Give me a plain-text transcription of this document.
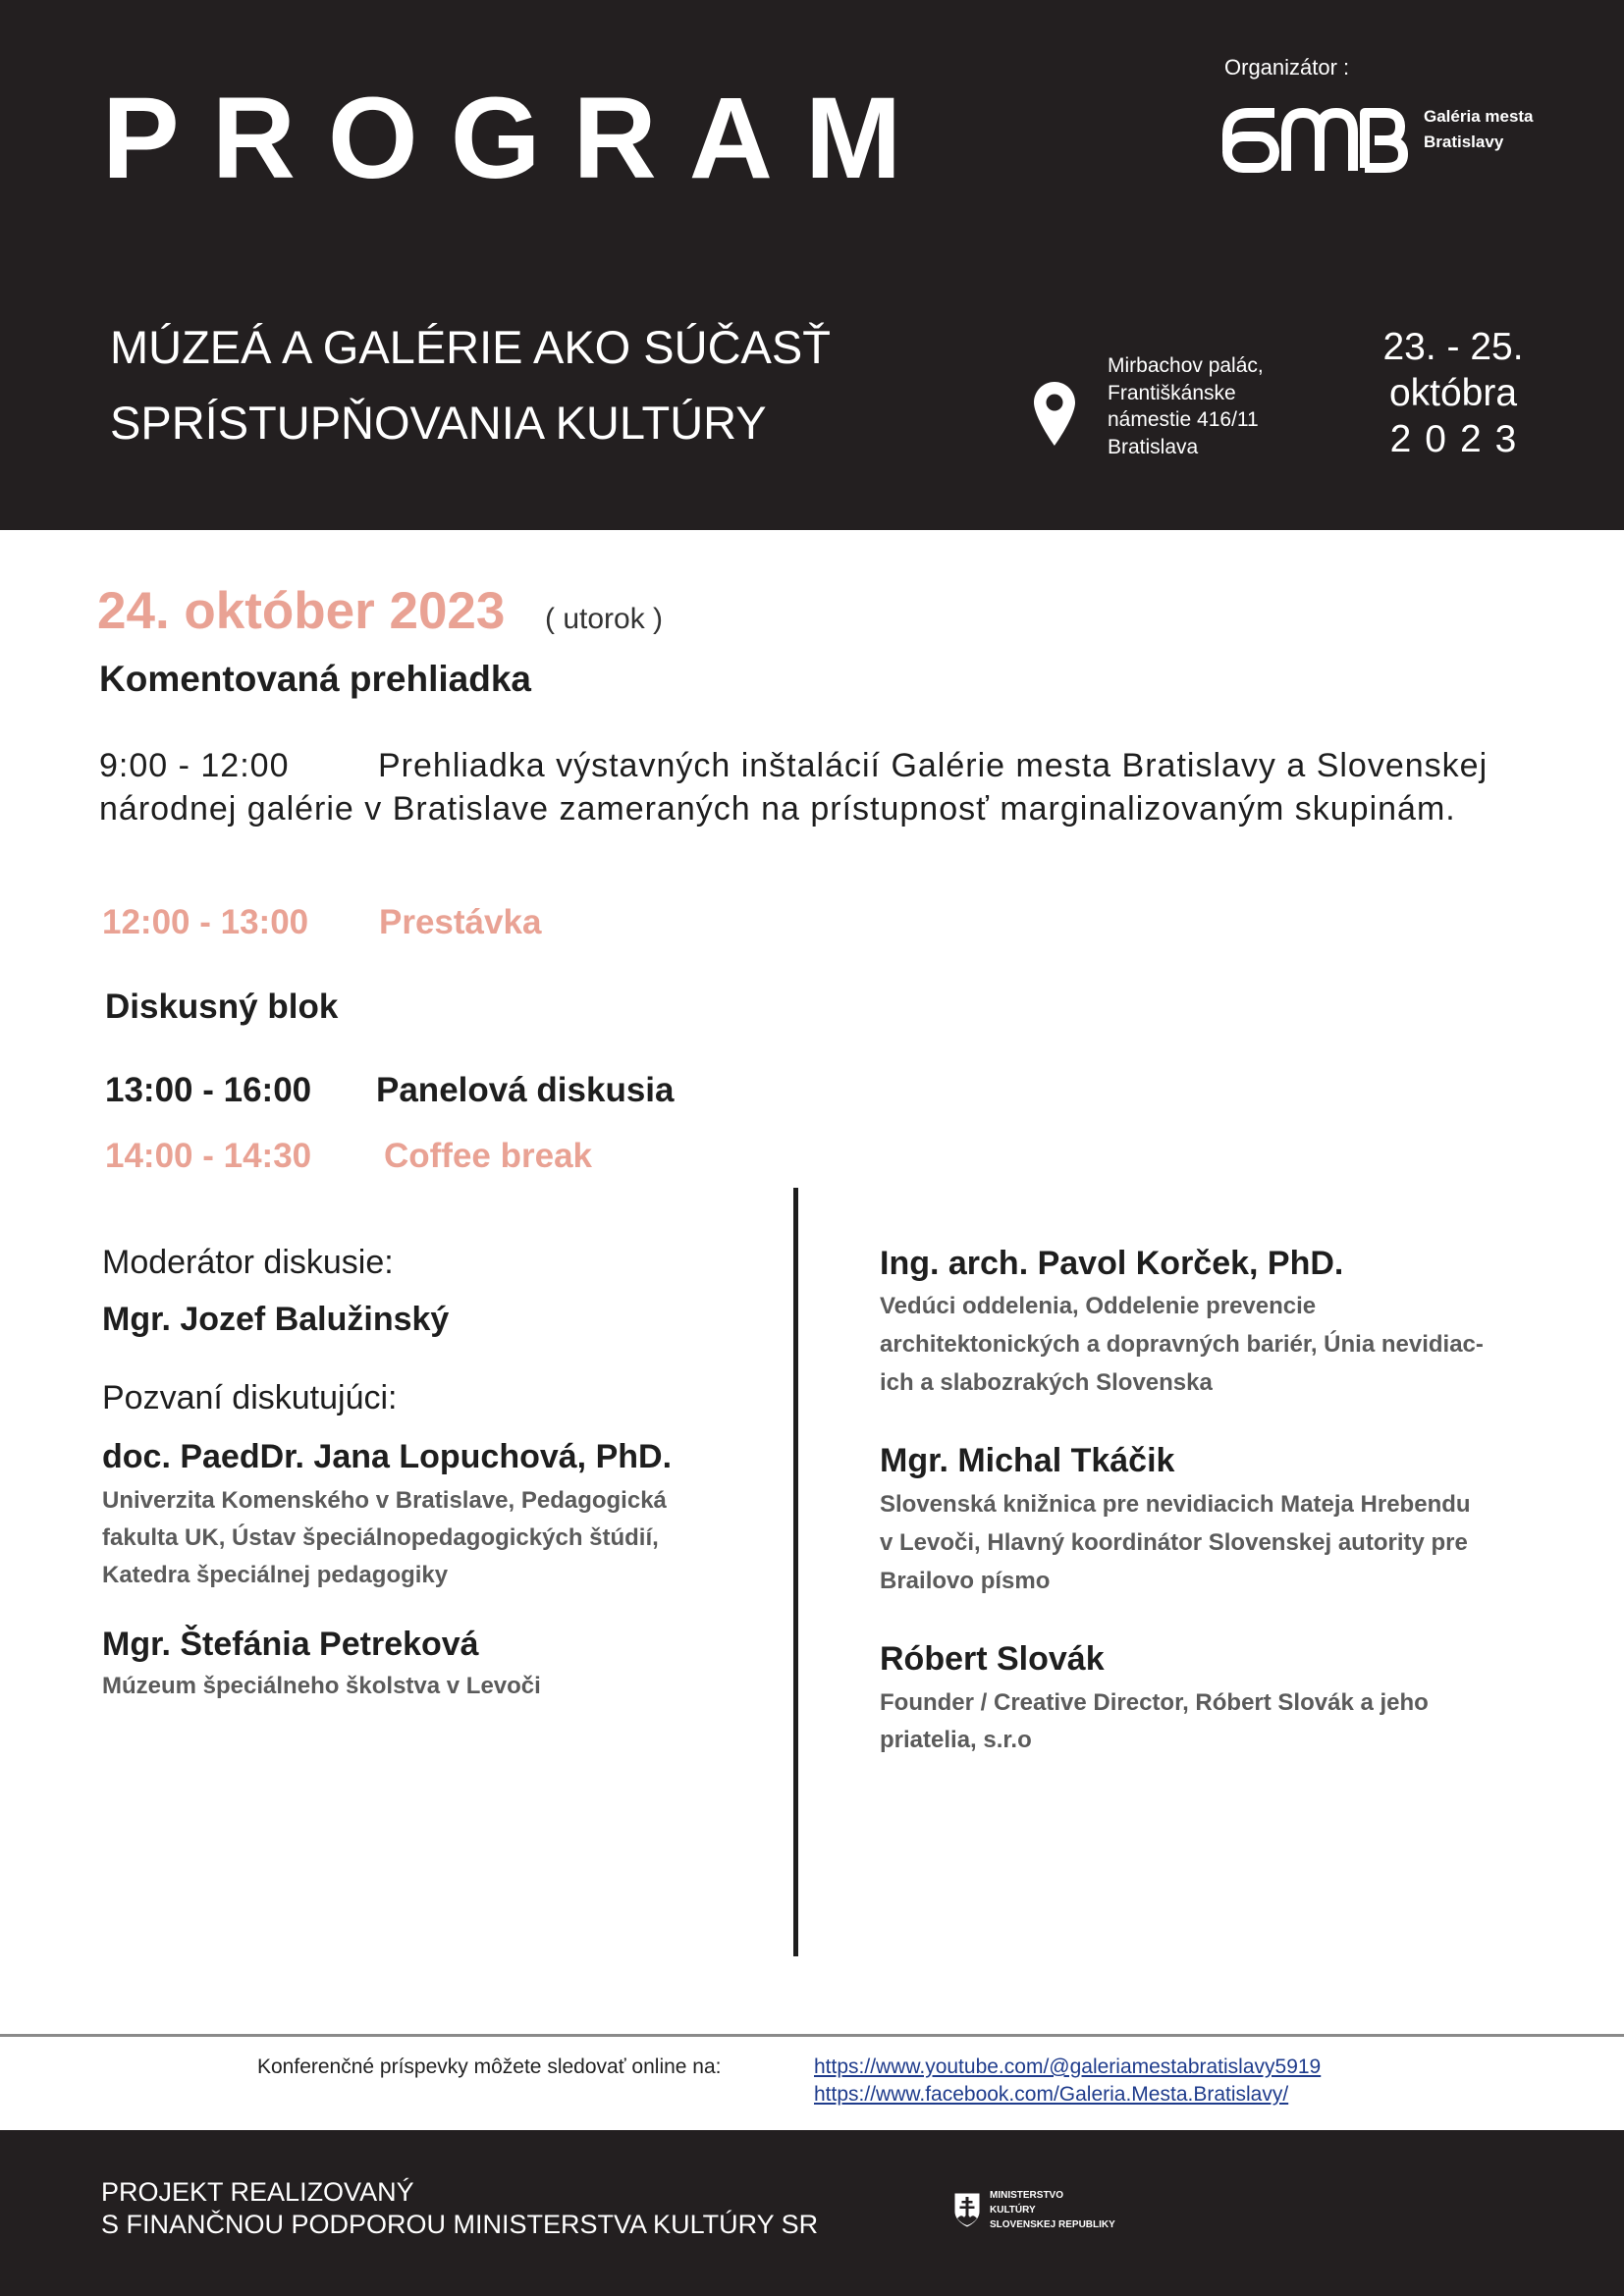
PROGRAM
Organizátor :
Galéria mesta
Bratislavy
MÚZEÁ A GALÉRIE AKO SÚČASŤ
SPRÍSTUPŇOVANIA KULTÚRY
Mirbachov palác,
Františkánske
námestie 416/11
Bratislava
23. - 25.
októbra
2023
24. október 2023 ( utorok )
Komentovaná prehliadka
9:00 - 12:00	Prehliadka výstavných inštalácií Galérie mesta Bratislavy a Slovenskej
národnej galérie v Bratislave zameraných na prístupnosť marginalizovaným skupinám.
12:00 - 13:00 Prestávka
Diskusný blok
13:00 - 16:00 Panelová diskusia
14:00 - 14:30 Coffee break
Moderátor diskusie:
Mgr. Jozef Balužinský
Pozvaní diskutujúci:
doc. PaedDr. Jana Lopuchová, PhD.
Univerzita Komenského v Bratislave, Pedagogická
fakulta UK, Ústav špeciálnopedagogických štúdií,
Katedra špeciálnej pedagogiky
Mgr. Štefánia Petreková
Múzeum špeciálneho školstva v Levoči
Ing. arch. Pavol Korček, PhD.
Vedúci oddelenia, Oddelenie prevencie
architektonických a dopravných bariér, Únia nevidiac-
ich a slabozrakých Slovenska
Mgr. Michal Tkáčik
Slovenská knižnica pre nevidiacich Mateja Hrebendu
v Levoči, Hlavný koordinátor Slovenskej autority pre
Brailovo písmo
Róbert Slovák
Founder / Creative Director, Róbert Slovák a jeho
priatelia, s.r.o
Konferenčné príspevky môžete sledovať online na:	https://www.youtube.com/@galeriamestabratislavy5919
https://www.facebook.com/Galeria.Mesta.Bratislavy/
PROJEKT REALIZOVANÝ
S FINANČNOU PODPOROU MINISTERSTVA KULTÚRY SR
MINISTERSTVO
KULTÚRY
SLOVENSKEJ REPUBLIKY
